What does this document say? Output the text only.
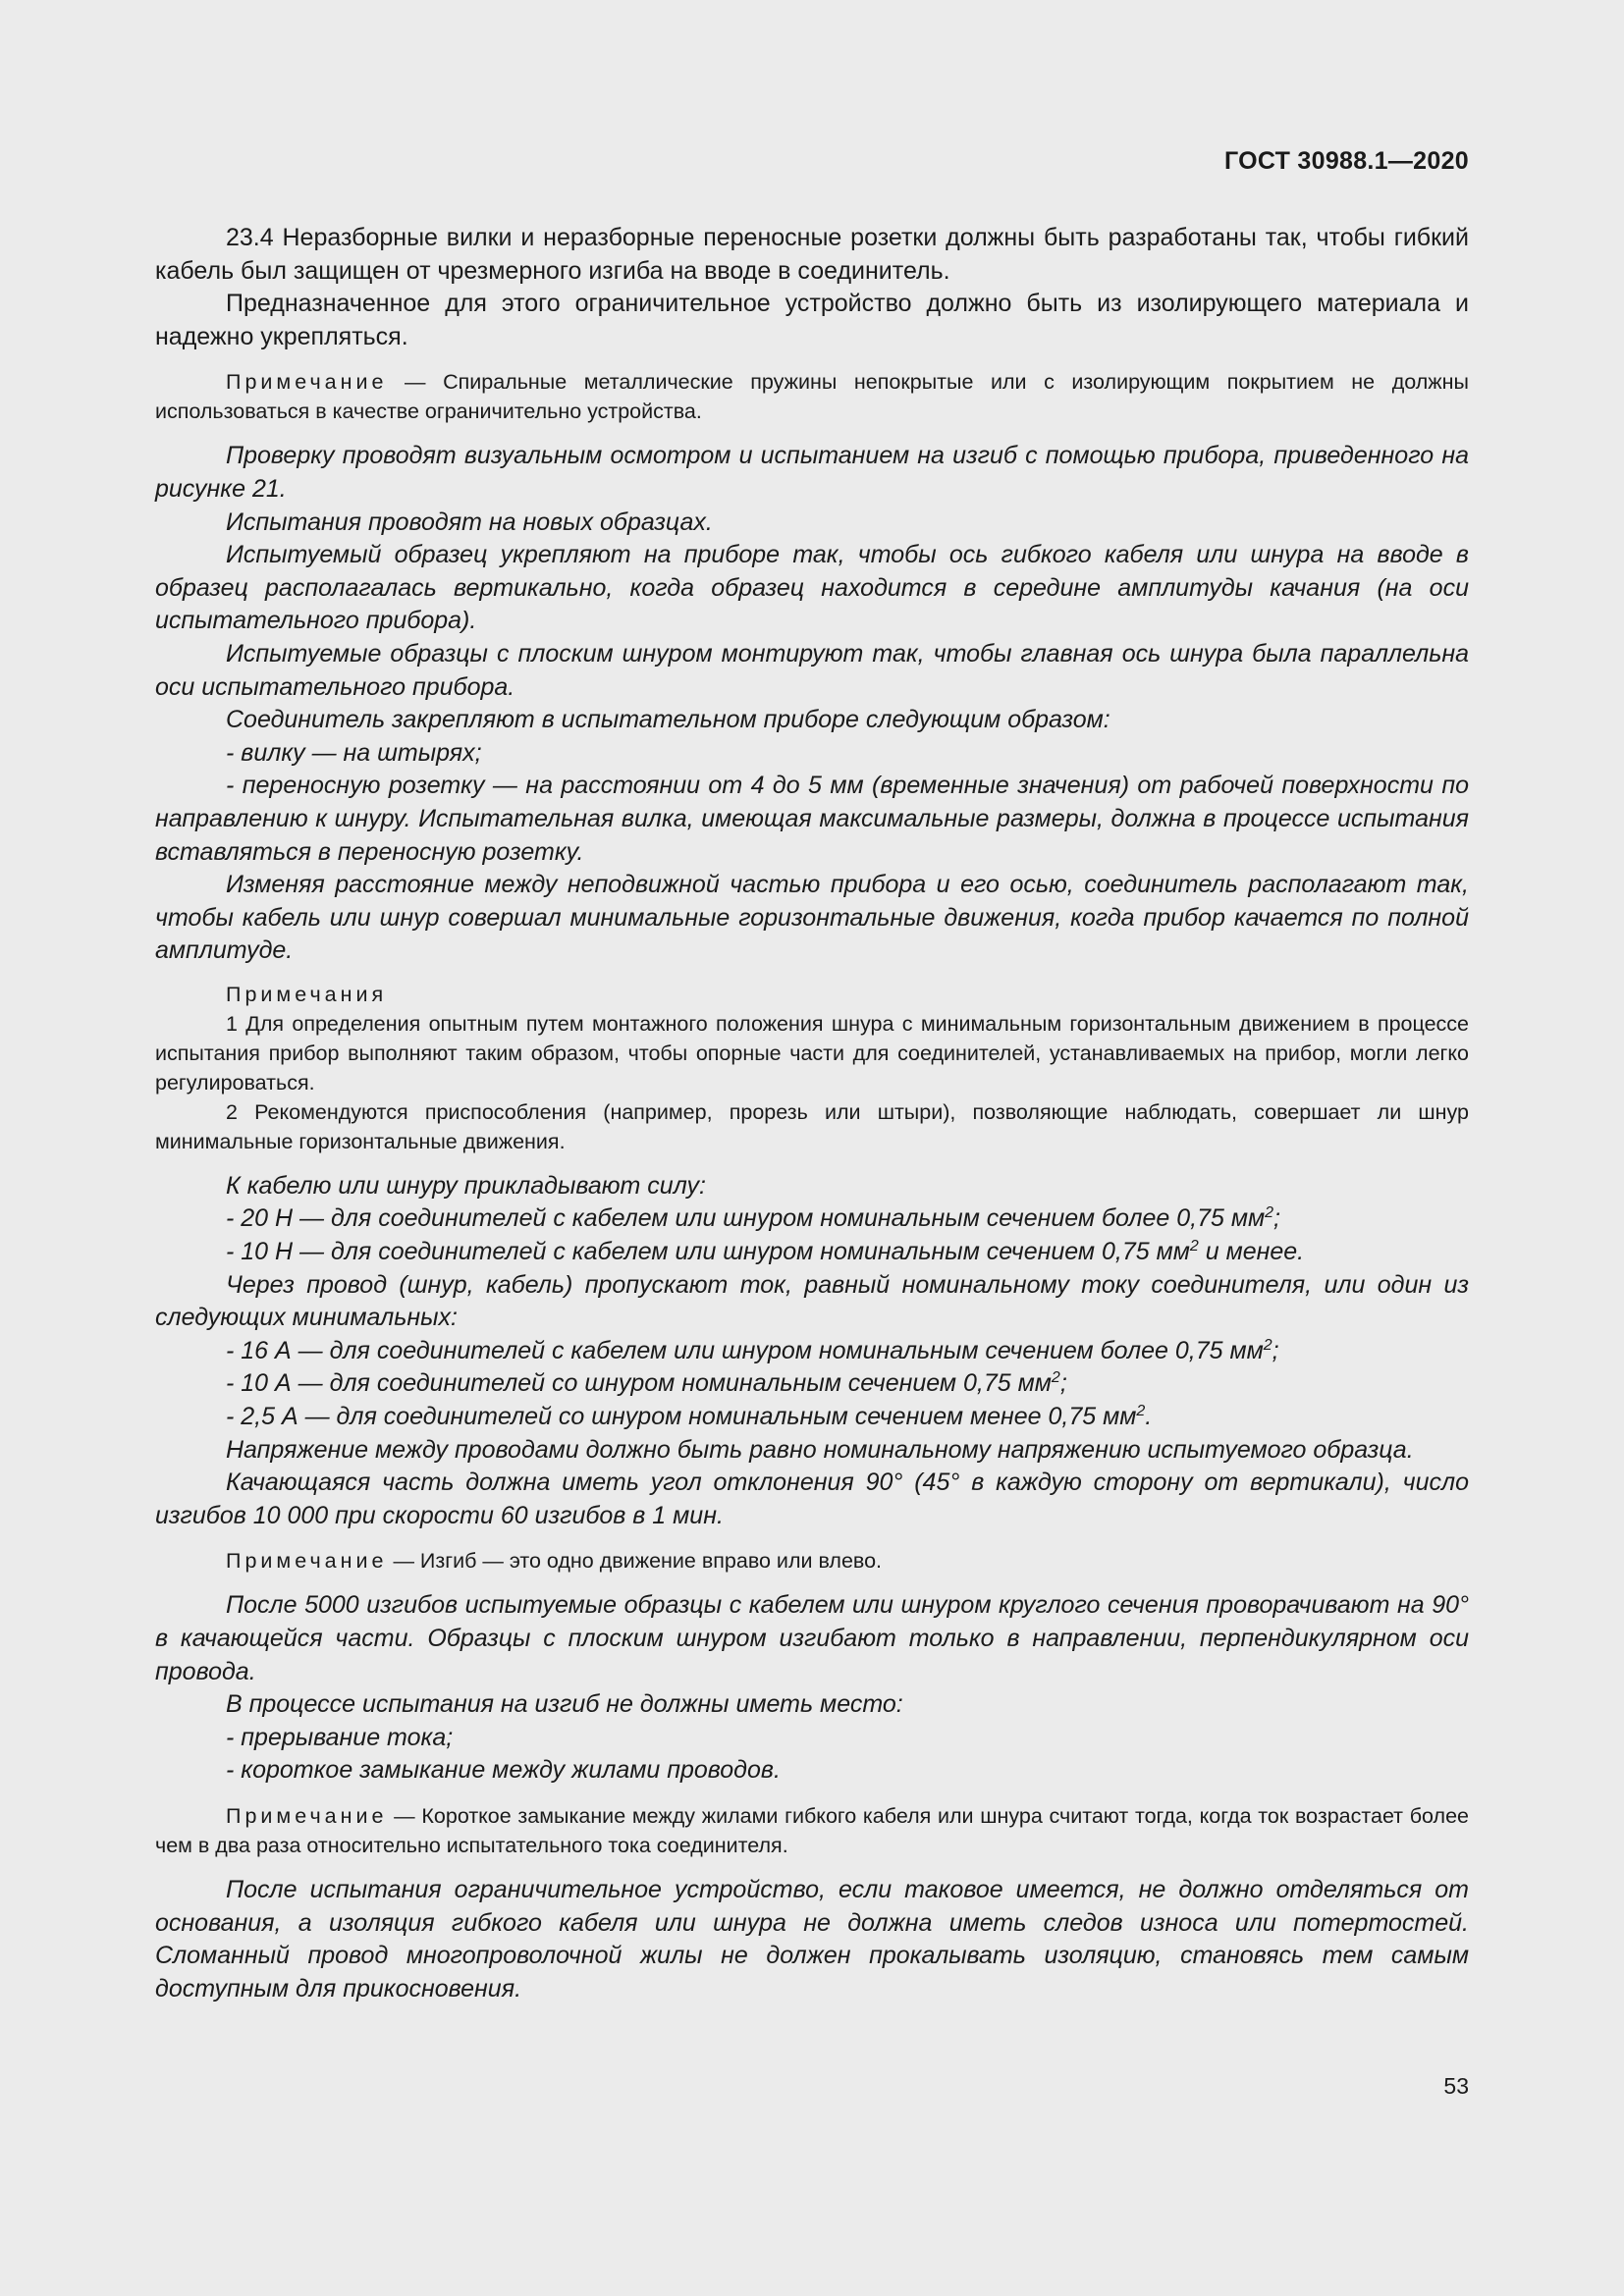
ГОСТ 30988.1—2020

23.4 Неразборные вилки и неразборные переносные розетки должны быть разработаны так, чтобы гибкий кабель был защищен от чрезмерного изгиба на вводе в соединитель.

Предназначенное для этого ограничительное устройство должно быть из изолирующего материала и надежно укрепляться.

Примечание — Спиральные металлические пружины непокрытые или с изолирующим покрытием не должны использоваться в качестве ограничительно устройства.

Проверку проводят визуальным осмотром и испытанием на изгиб с помощью прибора, приведенного на рисунке 21.

Испытания проводят на новых образцах.

Испытуемый образец укрепляют на приборе так, чтобы ось гибкого кабеля или шнура на вводе в образец располагалась вертикально, когда образец находится в середине амплитуды качания (на оси испытательного прибора).

Испытуемые образцы с плоским шнуром монтируют так, чтобы главная ось шнура была параллельна оси испытательного прибора.

Соединитель закрепляют в испытательном приборе следующим образом:

- вилку — на штырях;

- переносную розетку — на расстоянии от 4 до 5 мм (временные значения) от рабочей поверхности по направлению к шнуру. Испытательная вилка, имеющая максимальные размеры, должна в процессе испытания вставляться в переносную розетку.

Изменяя расстояние между неподвижной частью прибора и его осью, соединитель располагают так, чтобы кабель или шнур совершал минимальные горизонтальные движения, когда прибор качается по полной амплитуде.

Примечания

1 Для определения опытным путем монтажного положения шнура с минимальным горизонтальным движением в процессе испытания прибор выполняют таким образом, чтобы опорные части для соединителей, устанавливаемых на прибор, могли легко регулироваться.

2 Рекомендуются приспособления (например, прорезь или штыри), позволяющие наблюдать, совершает ли шнур минимальные горизонтальные движения.

К кабелю или шнуру прикладывают силу:

- 20 Н — для соединителей с кабелем или шнуром номинальным сечением более 0,75 $мм^2$;

- 10 Н — для соединителей с кабелем или шнуром номинальным сечением 0,75 $мм^2$ и менее.

Через провод (шнур, кабель) пропускают ток, равный номинальному току соединителя, или один из следующих минимальных:

- 16 А — для соединителей с кабелем или шнуром номинальным сечением более 0,75 $мм^2$;

- 10 А — для соединителей со шнуром номинальным сечением 0,75 $мм^2$;

- 2,5 А — для соединителей со шнуром номинальным сечением менее 0,75 $мм^2$.

Напряжение между проводами должно быть равно номинальному напряжению испытуемого образца.

Качающаяся часть должна иметь угол отклонения 90° (45° в каждую сторону от вертикали), число изгибов 10 000 при скорости 60 изгибов в 1 мин.

Примечание — Изгиб — это одно движение вправо или влево.

После 5000 изгибов испытуемые образцы с кабелем или шнуром круглого сечения проворачивают на 90° в качающейся части. Образцы с плоским шнуром изгибают только в направлении, перпендикулярном оси провода.

В процессе испытания на изгиб не должны иметь место:

- прерывание тока;

- короткое замыкание между жилами проводов.

Примечание — Короткое замыкание между жилами гибкого кабеля или шнура считают тогда, когда ток возрастает более чем в два раза относительно испытательного тока соединителя.

После испытания ограничительное устройство, если таковое имеется, не должно отделяться от основания, а изоляция гибкого кабеля или шнура не должна иметь следов износа или потертостей. Сломанный провод многопроволочной жилы не должен прокалывать изоляцию, становясь тем самым доступным для прикосновения.

53
